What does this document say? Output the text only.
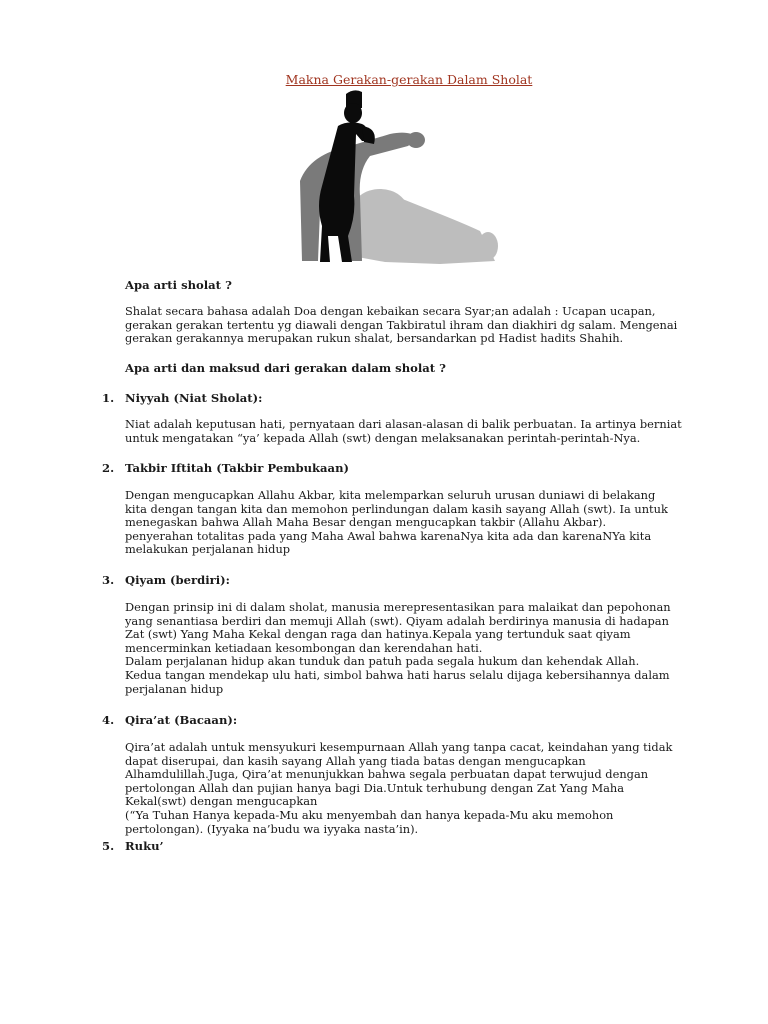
Makna Gerakan-gerakan Dalam Sholat

Apa arti sholat ?

Shalat secara bahasa adalah Doa dengan kebaikan secara Syar;an adalah : Ucapan ucapan,

gerakan gerakan tertentu yg diawali dengan Takbiratul ihram dan diakhiri dg salam. Mengenai

gerakan gerakannya merupakan rukun shalat, bersandarkan pd Hadist hadits Shahih.

Apa arti dan maksud dari gerakan dalam sholat ?

1. Niyyah (Niat Sholat):

Niat adalah keputusan hati, pernyataan dari alasan-alasan di balik perbuatan. Ia artinya berniat

untuk mengatakan “ya’ kepada Allah (swt) dengan melaksanakan perintah-perintah-Nya.

2. Takbir Iftitah (Takbir Pembukaan)

Dengan mengucapkan Allahu Akbar, kita melemparkan seluruh urusan duniawi di belakang

kita dengan tangan kita dan memohon perlindungan dalam kasih sayang Allah (swt). Ia untuk

menegaskan bahwa Allah Maha Besar dengan mengucapkan takbir (Allahu Akbar).

penyerahan totalitas pada yang Maha Awal bahwa karenaNya kita ada dan karenaNYa kita

melakukan perjalanan hidup

3. Qiyam (berdiri):

Dengan prinsip ini di dalam sholat, manusia merepresentasikan para malaikat dan pepohonan

yang senantiasa berdiri dan memuji Allah (swt). Qiyam adalah berdirinya manusia di hadapan

Zat (swt) Yang Maha Kekal dengan raga dan hatinya.Kepala yang tertunduk saat qiyam

mencerminkan ketiadaan kesombongan dan kerendahan hati.

Dalam perjalanan hidup akan tunduk dan patuh pada segala hukum dan kehendak Allah.

Kedua tangan mendekap ulu hati, simbol bahwa hati harus selalu dijaga kebersihannya dalam

perjalanan hidup

4. Qira’at (Bacaan):

Qira’at adalah untuk mensyukuri kesempurnaan Allah yang tanpa cacat, keindahan yang tidak

dapat diserupai, dan kasih sayang Allah yang tiada batas dengan mengucapkan

Alhamdulillah.Juga, Qira’at menunjukkan bahwa segala perbuatan dapat terwujud dengan

pertolongan Allah dan pujian hanya bagi Dia.Untuk terhubung dengan Zat Yang Maha

Kekal(swt) dengan mengucapkan

(“Ya Tuhan Hanya kepada-Mu aku menyembah dan hanya kepada-Mu aku memohon

pertolongan). (Iyyaka na’budu wa iyyaka nasta’in).

5. Ruku’
